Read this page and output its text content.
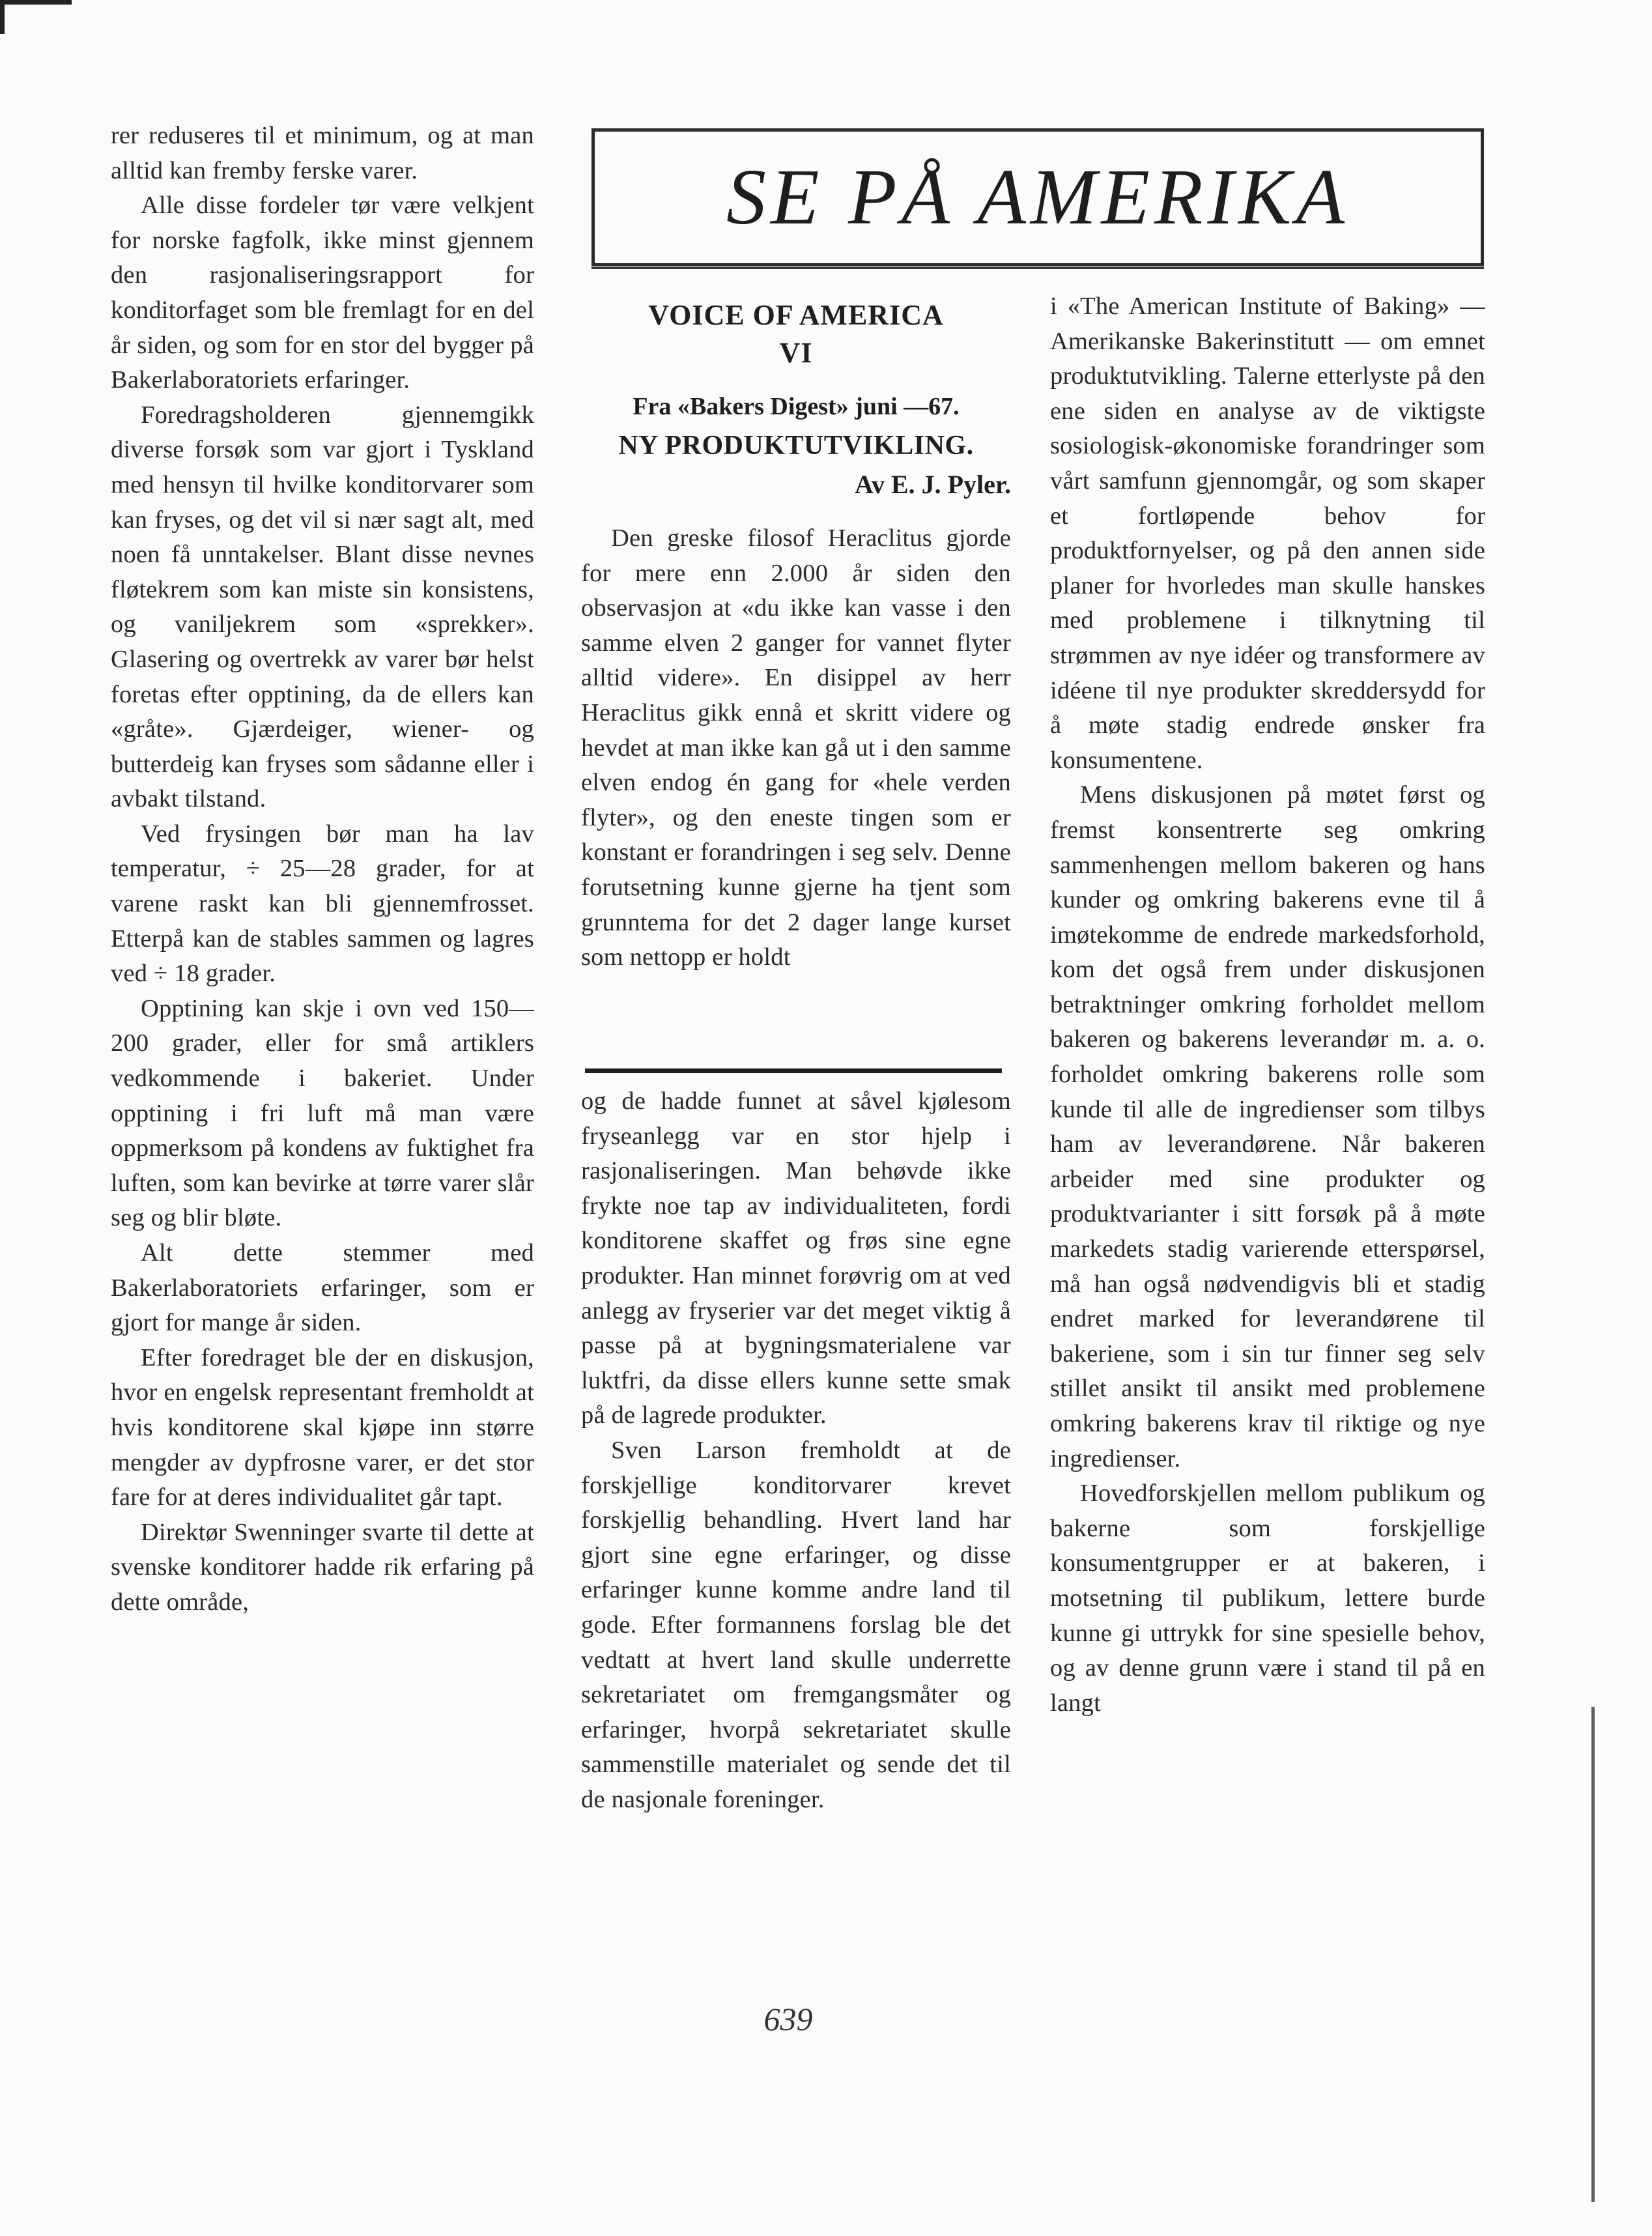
rer reduseres til et minimum, og at man alltid kan fremby ferske varer.

Alle disse fordeler tør være velkjent for norske fagfolk, ikke minst gjennem den rasjonaliseringsrapport for konditorfaget som ble fremlagt for en del år siden, og som for en stor del bygger på Bakerlaboratoriets erfaringer.

Foredragsholderen gjennemgikk diverse forsøk som var gjort i Tyskland med hensyn til hvilke konditorvarer som kan fryses, og det vil si nær sagt alt, med noen få unntakelser. Blant disse nevnes fløtekrem som kan miste sin konsistens, og vaniljekrem som «sprekker». Glasering og overtrekk av varer bør helst foretas efter opptining, da de ellers kan «gråte». Gjærdeiger, wiener- og butterdeig kan fryses som sådanne eller i avbakt tilstand.

Ved frysingen bør man ha lav temperatur, ÷ 25—28 grader, for at varene raskt kan bli gjennemfrosset. Etterpå kan de stables sammen og lagres ved ÷ 18 grader.

Opptining kan skje i ovn ved 150—200 grader, eller for små artiklers vedkommende i bakeriet. Under opptining i fri luft må man være oppmerksom på kondens av fuktighet fra luften, som kan bevirke at tørre varer slår seg og blir bløte.

Alt dette stemmer med Bakerlaboratoriets erfaringer, som er gjort for mange år siden.

Efter foredraget ble der en diskusjon, hvor en engelsk representant fremholdt at hvis konditorene skal kjøpe inn større mengder av dypfrosne varer, er det stor fare for at deres individualitet går tapt.

Direktør Swenninger svarte til dette at svenske konditorer hadde rik erfaring på dette område,

SE PÅ AMERIKA
VOICE OF AMERICA
VI
Fra «Bakers Digest» juni —67.
NY PRODUKTUTVIKLING.
Av E. J. Pyler.

Den greske filosof Heraclitus gjorde for mere enn 2.000 år siden den observasjon at «du ikke kan vasse i den samme elven 2 ganger for vannet flyter alltid videre». En disippel av herr Heraclitus gikk ennå et skritt videre og hevdet at man ikke kan gå ut i den samme elven endog én gang for «hele verden flyter», og den eneste tingen som er konstant er forandringen i seg selv. Denne forutsetning kunne gjerne ha tjent som grunntema for det 2 dager lange kurset som nettopp er holdt

og de hadde funnet at såvel kjølesom fryseanlegg var en stor hjelp i rasjonaliseringen. Man behøvde ikke frykte noe tap av individualiteten, fordi konditorene skaffet og frøs sine egne produkter. Han minnet forøvrig om at ved anlegg av fryserier var det meget viktig å passe på at bygningsmaterialene var luktfri, da disse ellers kunne sette smak på de lagrede produkter.

Sven Larson fremholdt at de forskjellige konditorvarer krevet forskjellig behandling. Hvert land har gjort sine egne erfaringer, og disse erfaringer kunne komme andre land til gode. Efter formannens forslag ble det vedtatt at hvert land skulle underrette sekretariatet om fremgangsmåter og erfaringer, hvorpå sekretariatet skulle sammenstille materialet og sende det til de nasjonale foreninger.

i «The American Institute of Baking» — Amerikanske Bakerinstitutt — om emnet produktutvikling. Talerne etterlyste på den ene siden en analyse av de viktigste sosiologisk-økonomiske forandringer som vårt samfunn gjennomgår, og som skaper et fortløpende behov for produktfornyelser, og på den annen side planer for hvorledes man skulle hanskes med problemene i tilknytning til strømmen av nye idéer og transformere av idéene til nye produkter skreddersydd for å møte stadig endrede ønsker fra konsumentene.

Mens diskusjonen på møtet først og fremst konsentrerte seg omkring sammenhengen mellom bakeren og hans kunder og omkring bakerens evne til å imøtekomme de endrede markedsforhold, kom det også frem under diskusjonen betraktninger omkring forholdet mellom bakeren og bakerens leverandør m. a. o. forholdet omkring bakerens rolle som kunde til alle de ingredienser som tilbys ham av leverandørene. Når bakeren arbeider med sine produkter og produktvarianter i sitt forsøk på å møte markedets stadig varierende etterspørsel, må han også nødvendigvis bli et stadig endret marked for leverandørene til bakeriene, som i sin tur finner seg selv stillet ansikt til ansikt med problemene omkring bakerens krav til riktige og nye ingredienser.

Hovedforskjellen mellom publikum og bakerne som forskjellige konsumentgrupper er at bakeren, i motsetning til publikum, lettere burde kunne gi uttrykk for sine spesielle behov, og av denne grunn være i stand til på en langt

639
